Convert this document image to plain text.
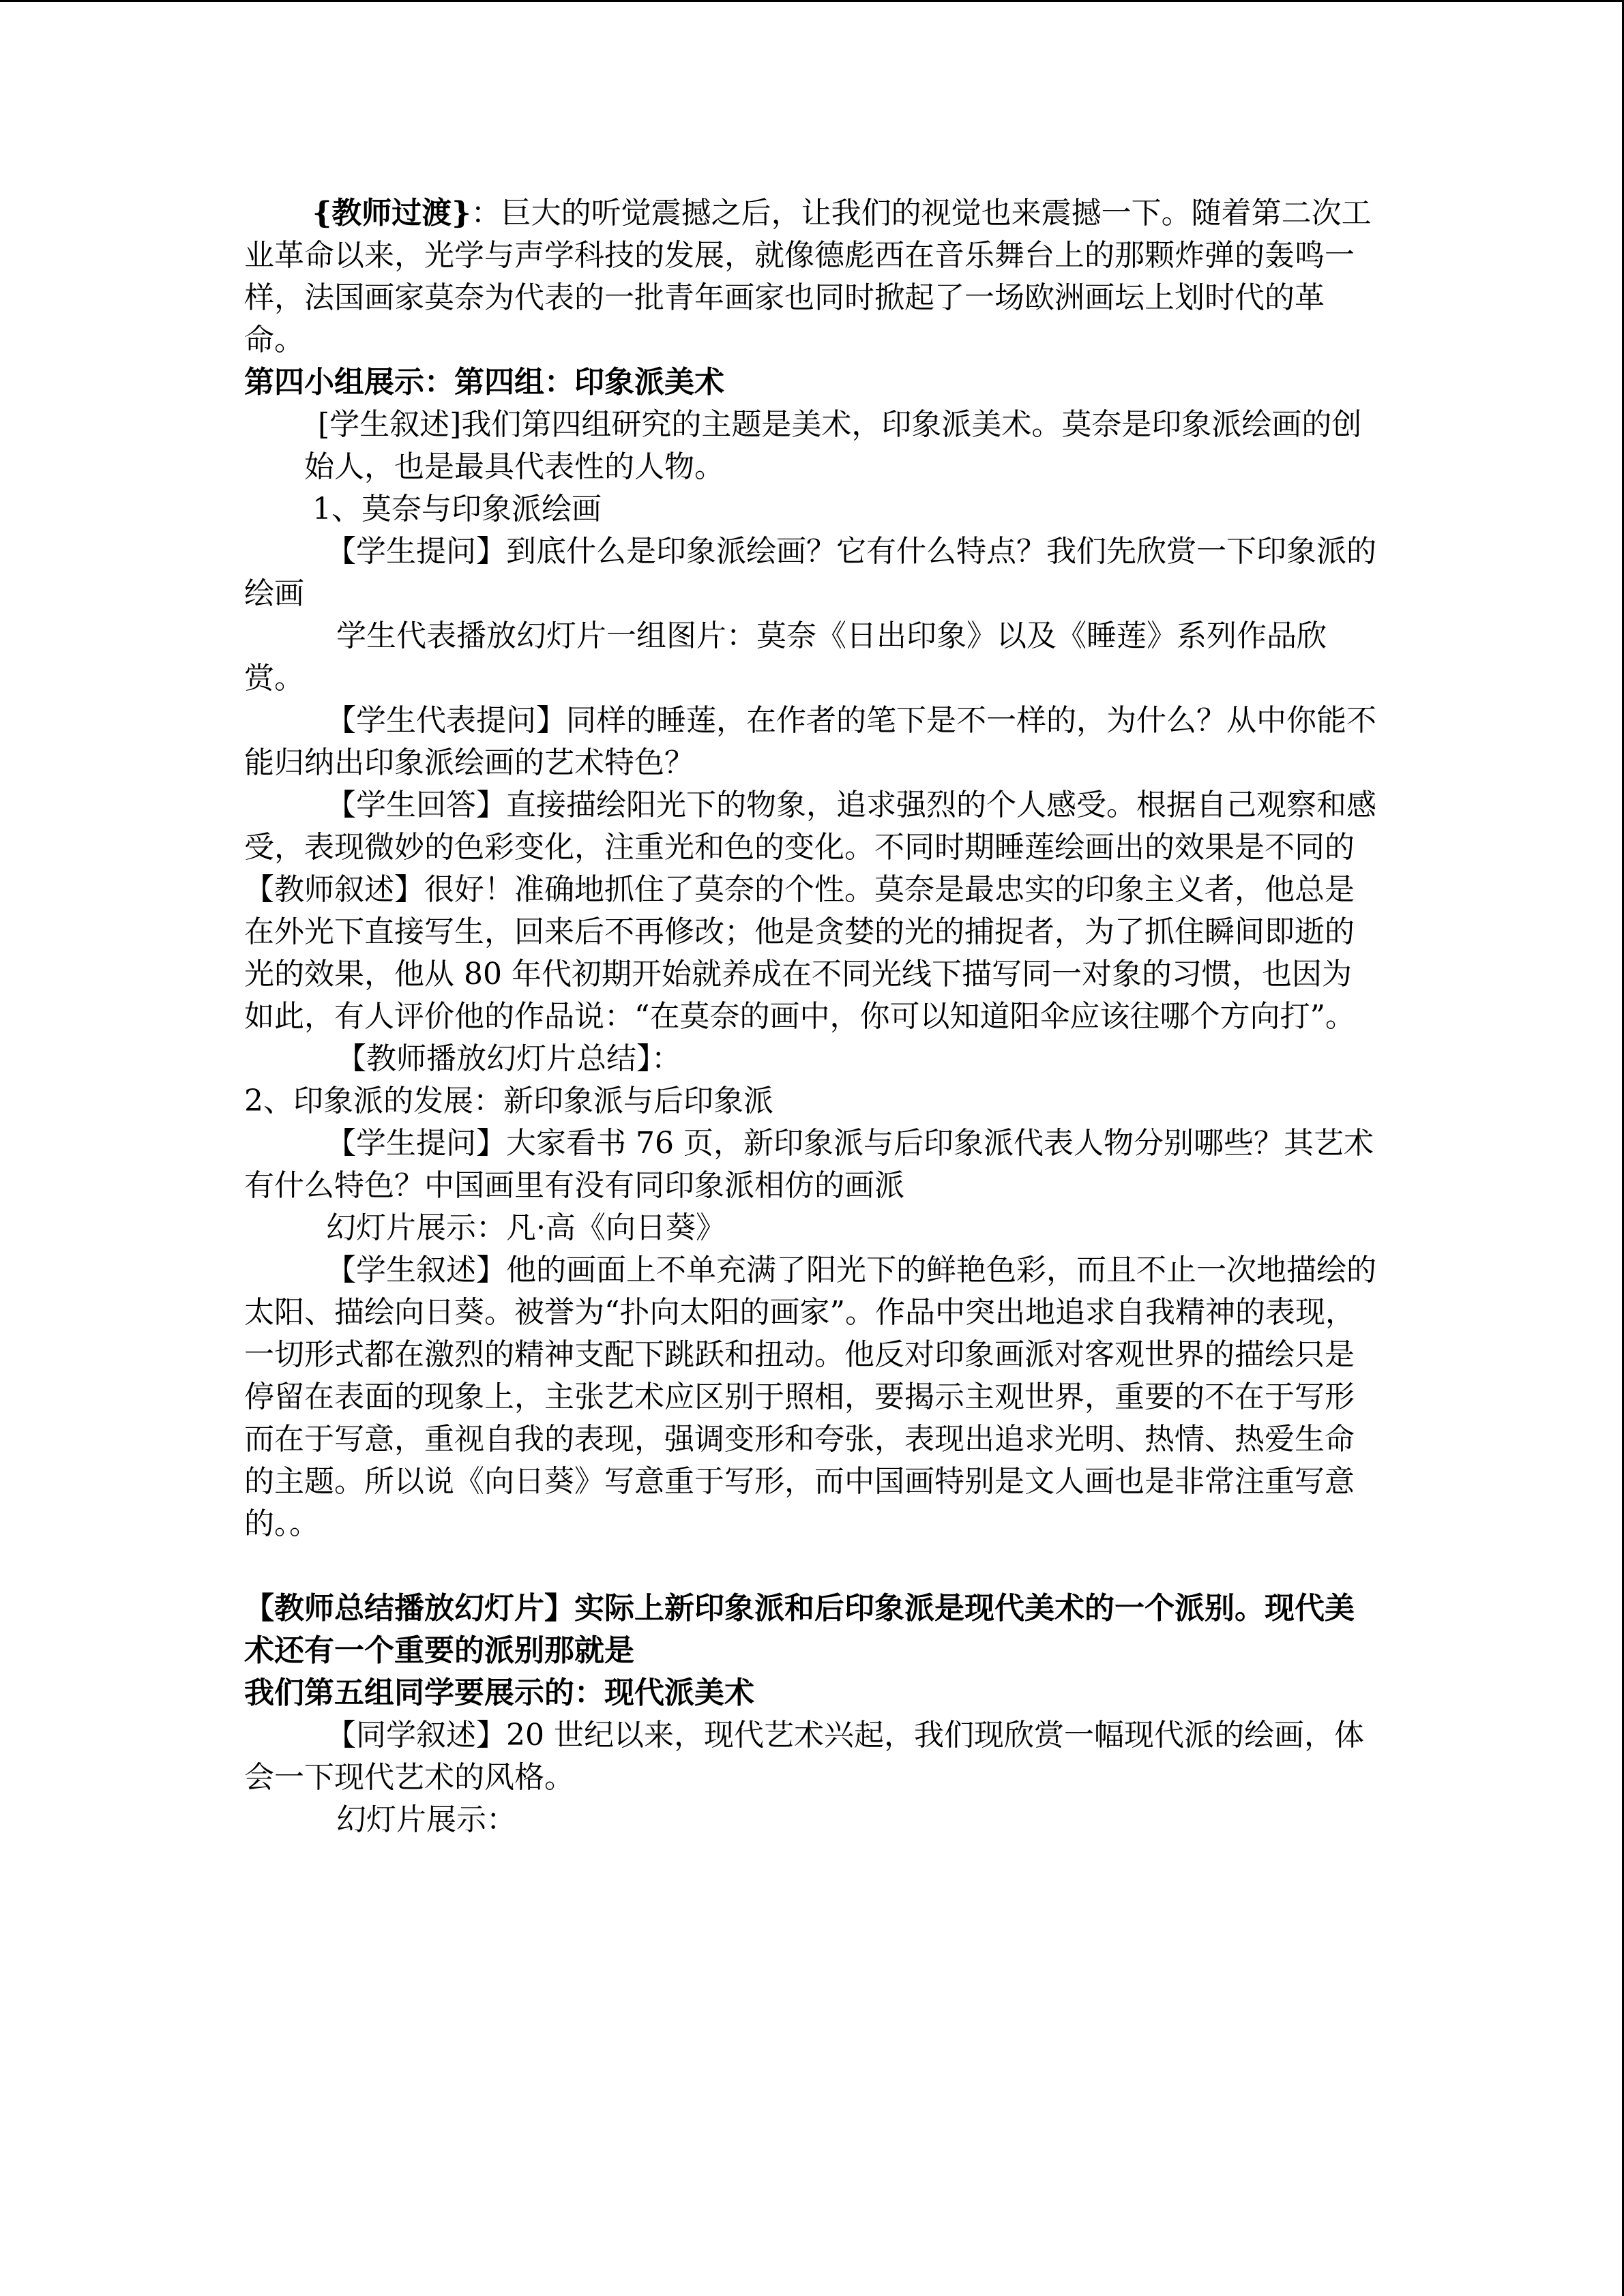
{教师过渡}：巨大的听觉震撼之后，让我们的视觉也来震撼一下。随着第二次工业革命以来，光学与声学科技的发展，就像德彪西在音乐舞台上的那颗炸弹的轰鸣一样，法国画家莫奈为代表的一批青年画家也同时掀起了一场欧洲画坛上划时代的革命。

第四小组展示：第四组：印象派美术

[学生叙述]我们第四组研究的主题是美术，印象派美术。莫奈是印象派绘画的创始人，也是最具代表性的人物。

1、莫奈与印象派绘画

【学生提问】到底什么是印象派绘画？它有什么特点？我们先欣赏一下印象派的绘画

学生代表播放幻灯片一组图片：莫奈《日出印象》以及《睡莲》系列作品欣赏。

【学生代表提问】同样的睡莲，在作者的笔下是不一样的，为什么？从中你能不能归纳出印象派绘画的艺术特色？

【学生回答】直接描绘阳光下的物象，追求强烈的个人感受。根据自己观察和感受，表现微妙的色彩变化，注重光和色的变化。不同时期睡莲绘画出的效果是不同的

【教师叙述】很好！准确地抓住了莫奈的个性。莫奈是最忠实的印象主义者，他总是在外光下直接写生，回来后不再修改；他是贪婪的光的捕捉者，为了抓住瞬间即逝的光的效果，他从 80 年代初期开始就养成在不同光线下描写同一对象的习惯，也因为如此，有人评价他的作品说：“在莫奈的画中，你可以知道阳伞应该往哪个方向打”。

【教师播放幻灯片总结】：

2、印象派的发展：新印象派与后印象派

【学生提问】大家看书 76 页，新印象派与后印象派代表人物分别哪些？其艺术有什么特色？中国画里有没有同印象派相仿的画派

幻灯片展示：凡·高《向日葵》

【学生叙述】他的画面上不单充满了阳光下的鲜艳色彩，而且不止一次地描绘的太阳、描绘向日葵。被誉为“扑向太阳的画家”。作品中突出地追求自我精神的表现，一切形式都在激烈的精神支配下跳跃和扭动。他反对印象画派对客观世界的描绘只是停留在表面的现象上，主张艺术应区别于照相，要揭示主观世界，重要的不在于写形而在于写意，重视自我的表现，强调变形和夸张，表现出追求光明、热情、热爱生命的主题。所以说《向日葵》写意重于写形，而中国画特别是文人画也是非常注重写意的。。

【教师总结播放幻灯片】实际上新印象派和后印象派是现代美术的一个派别。现代美术还有一个重要的派别那就是

我们第五组同学要展示的：现代派美术

【同学叙述】20 世纪以来，现代艺术兴起，我们现欣赏一幅现代派的绘画，体会一下现代艺术的风格。

幻灯片展示：
